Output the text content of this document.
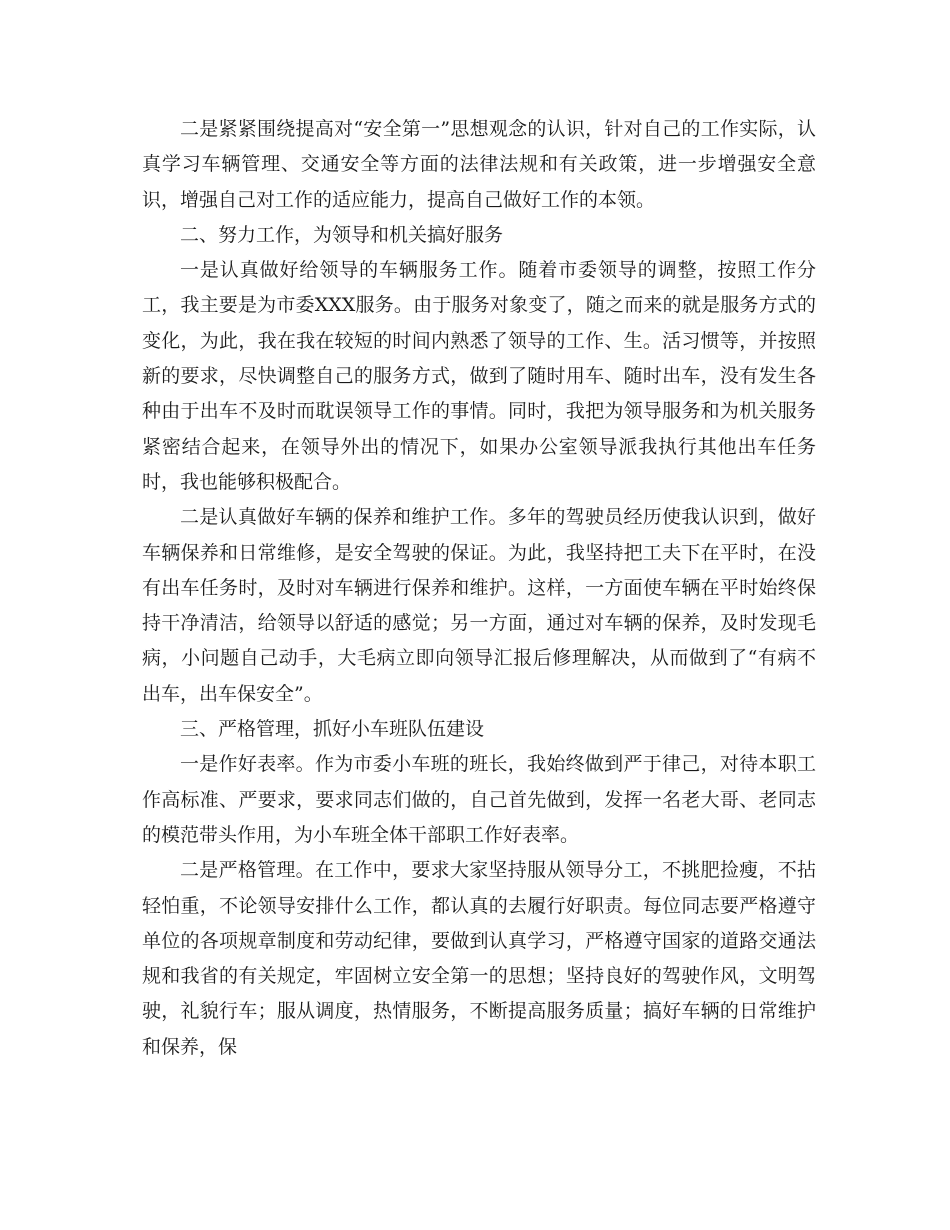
二是紧紧围绕提高对“安全第一”思想观念的认识，针对自己的工作实际，认真学习车辆管理、交通安全等方面的法律法规和有关政策，进一步增强安全意识，增强自己对工作的适应能力，提高自己做好工作的本领。

二、努力工作，为领导和机关搞好服务

一是认真做好给领导的车辆服务工作。随着市委领导的调整，按照工作分工，我主要是为市委XXX服务。由于服务对象变了，随之而来的就是服务方式的变化，为此，我在我在较短的时间内熟悉了领导的工作、生。活习惯等，并按照新的要求，尽快调整自己的服务方式，做到了随时用车、随时出车，没有发生各种由于出车不及时而耽误领导工作的事情。同时，我把为领导服务和为机关服务紧密结合起来，在领导外出的情况下，如果办公室领导派我执行其他出车任务时，我也能够积极配合。

二是认真做好车辆的保养和维护工作。多年的驾驶员经历使我认识到，做好车辆保养和日常维修，是安全驾驶的保证。为此，我坚持把工夫下在平时，在没有出车任务时，及时对车辆进行保养和维护。这样，一方面使车辆在平时始终保持干净清洁，给领导以舒适的感觉；另一方面，通过对车辆的保养，及时发现毛病，小问题自己动手，大毛病立即向领导汇报后修理解决，从而做到了“有病不出车，出车保安全”。

三、严格管理，抓好小车班队伍建设

一是作好表率。作为市委小车班的班长，我始终做到严于律己，对待本职工作高标准、严要求，要求同志们做的，自己首先做到，发挥一名老大哥、老同志的模范带头作用，为小车班全体干部职工作好表率。

二是严格管理。在工作中，要求大家坚持服从领导分工，不挑肥捡瘦，不拈轻怕重，不论领导安排什么工作，都认真的去履行好职责。每位同志要严格遵守单位的各项规章制度和劳动纪律，要做到认真学习，严格遵守国家的道路交通法规和我省的有关规定，牢固树立安全第一的思想；坚持良好的驾驶作风，文明驾驶，礼貌行车；服从调度，热情服务，不断提高服务质量；搞好车辆的日常维护和保养，保
